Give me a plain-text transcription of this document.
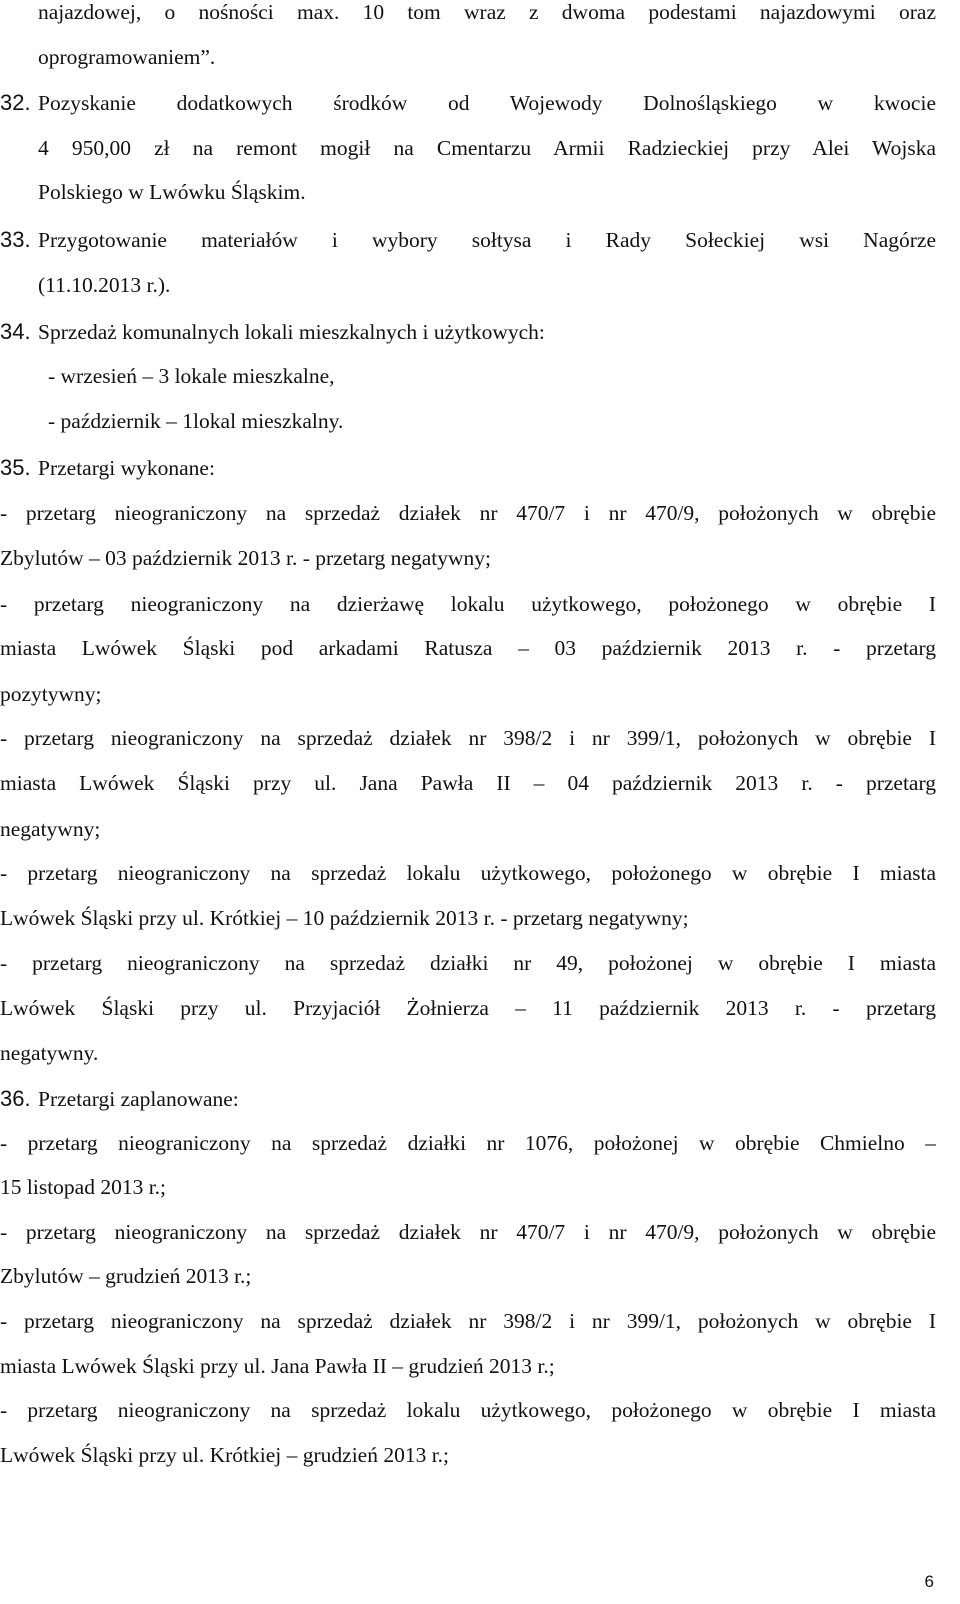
najazdowej, o nośności max. 10 tom wraz z dwoma podestami najazdowymi oraz
oprogramowaniem”.
32. Pozyskanie dodatkowych środków od Wojewody Dolnośląskiego w kwocie
4 950,00 zł na remont mogił na Cmentarzu Armii Radzieckiej przy Alei Wojska
Polskiego w Lwówku Śląskim.
33. Przygotowanie materiałów i wybory sołtysa i Rady Sołeckiej wsi Nagórze
(11.10.2013 r.).
34. Sprzedaż komunalnych lokali mieszkalnych i użytkowych:
- wrzesień – 3 lokale mieszkalne,
- październik – 1lokal mieszkalny.
35. Przetargi wykonane:
- przetarg nieograniczony na sprzedaż działek nr 470/7 i nr 470/9, położonych w obrębie
Zbylutów – 03 październik 2013 r. - przetarg negatywny;
- przetarg nieograniczony na dzierżawę lokalu użytkowego, położonego w obrębie I
miasta Lwówek Śląski pod arkadami Ratusza – 03 październik 2013 r. - przetarg
pozytywny;
- przetarg nieograniczony na sprzedaż działek nr 398/2 i nr 399/1, położonych w obrębie I
miasta Lwówek Śląski przy ul. Jana Pawła II – 04 październik 2013 r. - przetarg
negatywny;
- przetarg nieograniczony na sprzedaż lokalu użytkowego, położonego w obrębie I miasta
Lwówek Śląski przy ul. Krótkiej – 10 październik 2013 r. - przetarg negatywny;
- przetarg nieograniczony na sprzedaż działki nr 49, położonej w obrębie I miasta
Lwówek Śląski przy ul. Przyjaciół Żołnierza – 11 październik 2013 r. - przetarg
negatywny.
36. Przetargi zaplanowane:
- przetarg nieograniczony na sprzedaż działki nr 1076, położonej w obrębie Chmielno –
15 listopad 2013 r.;
- przetarg nieograniczony na sprzedaż działek nr 470/7 i nr 470/9, położonych w obrębie
Zbylutów – grudzień 2013 r.;
- przetarg nieograniczony na sprzedaż działek nr 398/2 i nr 399/1, położonych w obrębie I
miasta Lwówek Śląski przy ul. Jana Pawła II – grudzień 2013 r.;
- przetarg nieograniczony na sprzedaż lokalu użytkowego, położonego w obrębie I miasta
Lwówek Śląski przy ul. Krótkiej – grudzień 2013 r.;
6
